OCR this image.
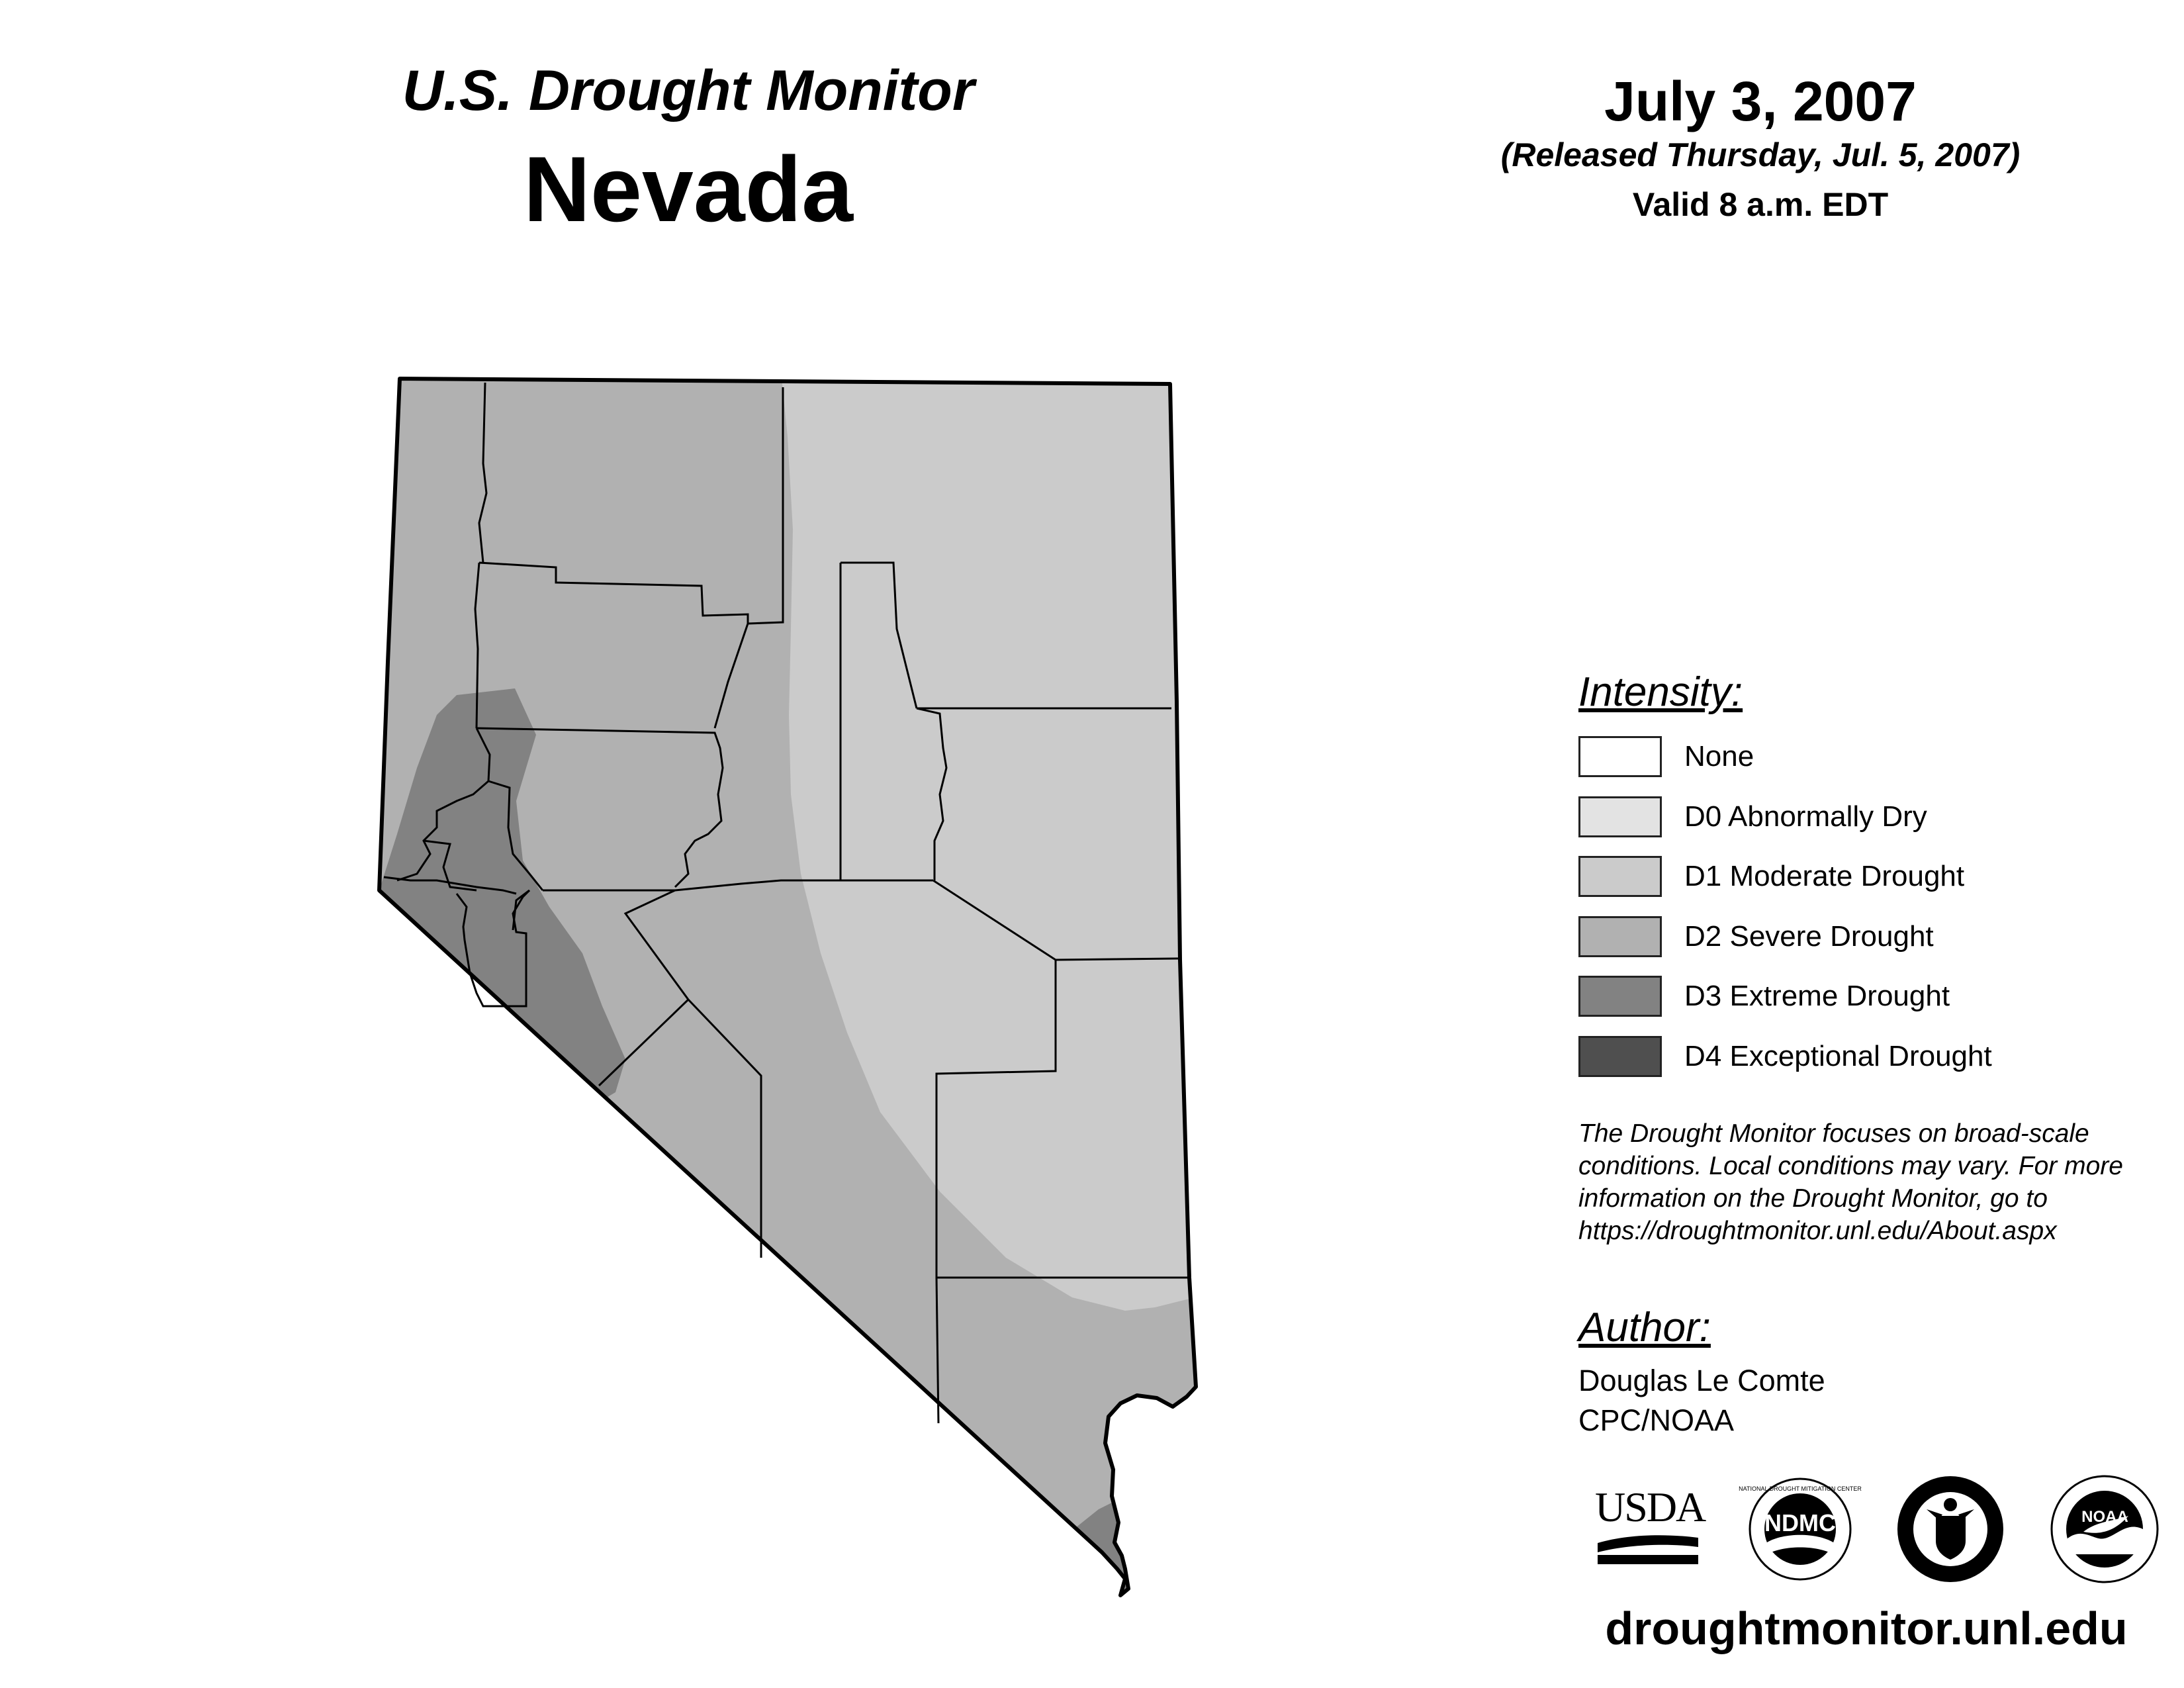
U.S. Drought Monitor
Nevada
July 3, 2007
(Released Thursday, Jul. 5, 2007)
Valid 8 a.m. EDT
Intensity:
None
D0 Abnormally Dry
D1 Moderate Drought
D2 Severe Drought
D3 Extreme Drought
D4 Exceptional Drought
The Drought Monitor focuses on broad-scale conditions. Local conditions may vary. For more information on the Drought Monitor, go to https://droughtmonitor.unl.edu/About.aspx
Author:
Douglas Le Comte
CPC/NOAA
USDA	NATIONAL DROUGHT MITIGATION CENTER
NDMC	NOAA
droughtmonitor.unl.edu
